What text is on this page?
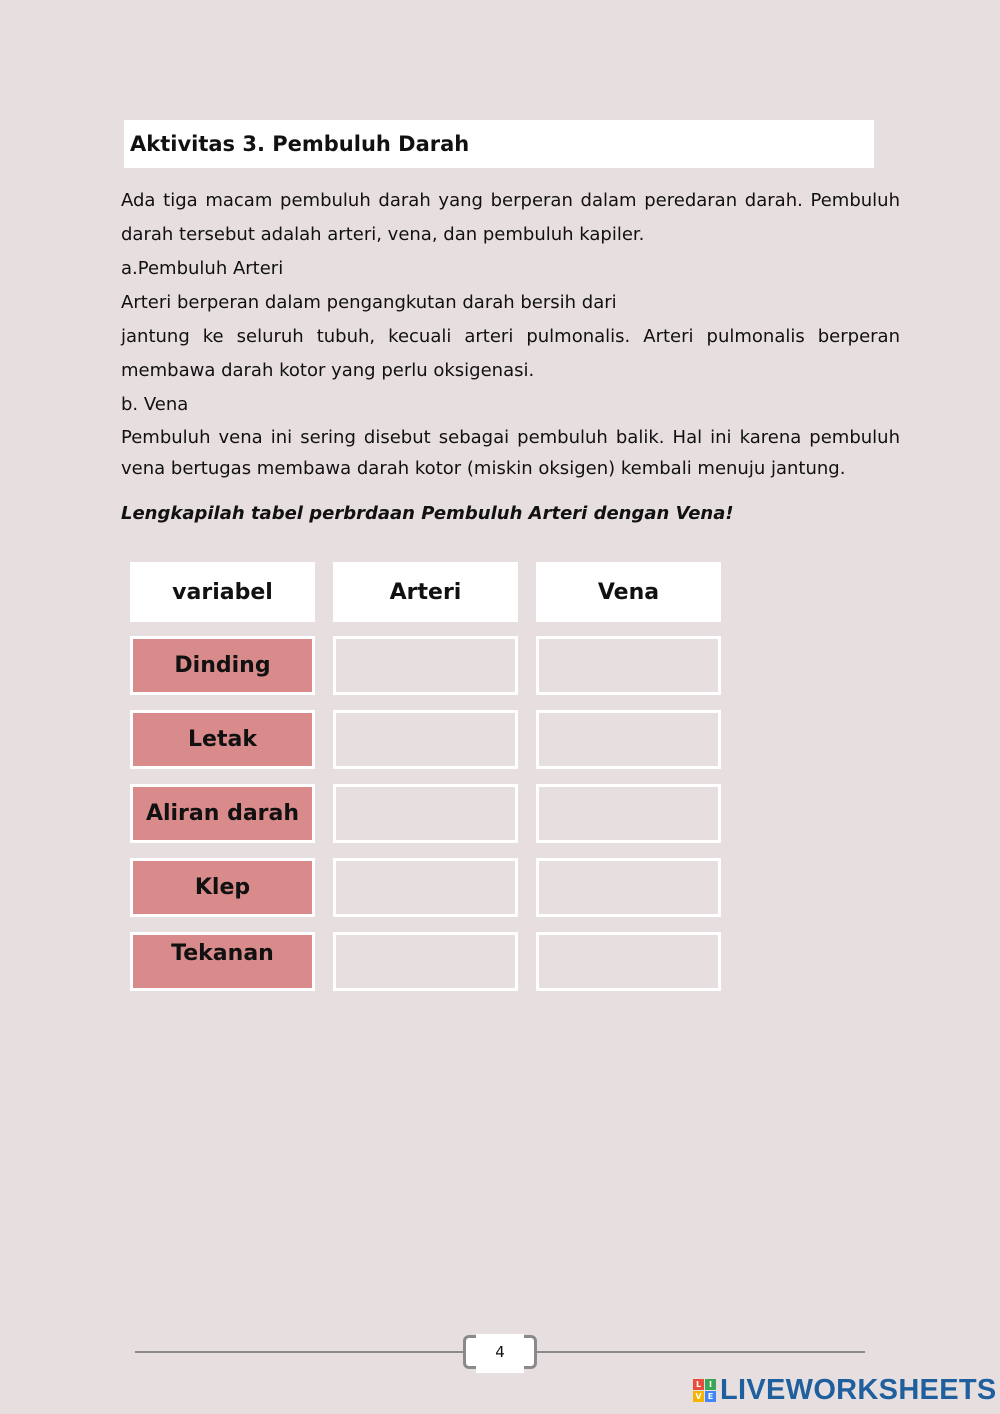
Aktivitas 3. Pembuluh Darah

Ada tiga macam pembuluh darah yang berperan dalam peredaran darah. Pembuluh

darah tersebut adalah arteri, vena, dan pembuluh kapiler.

a.Pembuluh Arteri

Arteri berperan dalam pengangkutan darah bersih dari

jantung ke seluruh tubuh, kecuali arteri pulmonalis. Arteri pulmonalis berperan

membawa darah kotor yang perlu oksigenasi.

b. Vena

Pembuluh vena ini sering disebut sebagai pembuluh balik. Hal ini karena pembuluh

vena bertugas membawa darah kotor (miskin oksigen) kembali menuju jantung.

Lengkapilah tabel perbrdaan Pembuluh Arteri dengan Vena!
variabel	Arteri	Vena
Dinding
Letak
Aliran darah
Klep
Tekanan
4
L I
V E LIVEWORKSHEETS
